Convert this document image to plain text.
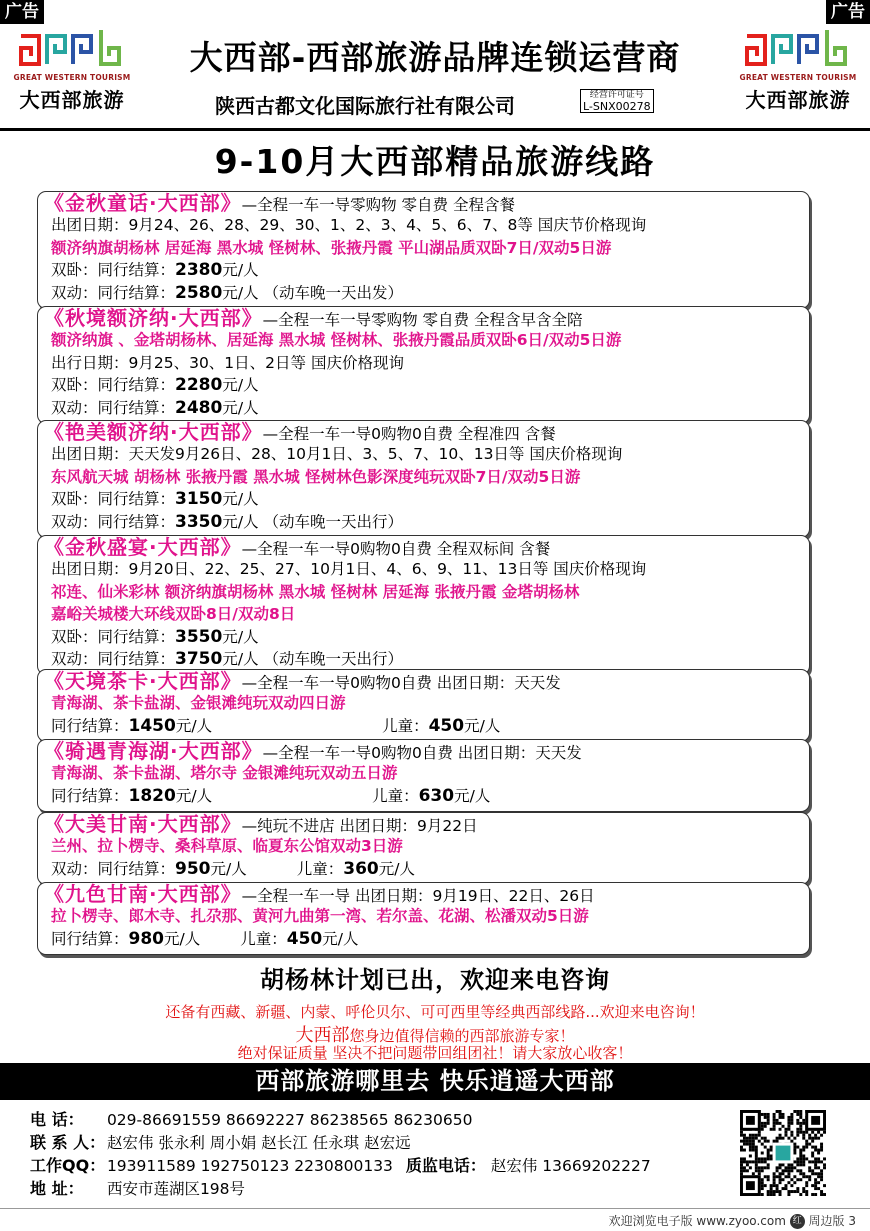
GREAT WESTERN TOURISM
大西部旅游
大西部-西部旅游品牌连锁运营商
陕西古都文化国际旅行社有限公司	经营许可证号
L-SNX00278
GREAT WESTERN TOURISM
大西部旅游
广告	广告
9-10月大西部精品旅游线路
《金秋童话·大西部》—全程一车一导零购物 零自费 全程含餐
出团日期：9月24、26、28、29、30、1、2、3、4、5、6、7、8等 国庆节价格现询
额济纳旗胡杨林 居延海 黑水城 怪树林、张掖丹霞 平山湖品质双卧7日/双动5日游
双卧：同行结算：2380元/人
双动：同行结算：2580元/人 （动车晚一天出发）
《秋境额济纳·大西部》—全程一车一导零购物 零自费 全程含早含全陪
额济纳旗 、金塔胡杨林、居延海 黑水城 怪树林、张掖丹霞品质双卧6日/双动5日游
出行日期：9月25、30、1日、2日等 国庆价格现询
双卧：同行结算：2280元/人
双动：同行结算：2480元/人
《艳美额济纳·大西部》—全程一车一导0购物0自费 全程准四 含餐
出团日期：天天发9月26日、28、10月1日、3、5、7、10、13日等 国庆价格现询
东风航天城 胡杨林 张掖丹霞 黑水城 怪树林色影深度纯玩双卧7日/双动5日游
双卧：同行结算：3150元/人
双动：同行结算：3350元/人 （动车晚一天出行）
《金秋盛宴·大西部》—全程一车一导0购物0自费 全程双标间 含餐
出团日期：9月20日、22、25、27、10月1日、4、6、9、11、13日等 国庆价格现询
祁连、仙米彩林 额济纳旗胡杨林 黑水城 怪树林 居延海 张掖丹霞 金塔胡杨林
嘉峪关城楼大环线双卧8日/双动8日
双卧：同行结算：3550元/人
双动：同行结算：3750元/人 （动车晚一天出行）
《天境茶卡·大西部》—全程一车一导0购物0自费 出团日期：天天发
青海湖、茶卡盐湖、金银滩纯玩双动四日游
同行结算：1450元/人	儿童：450元/人
《骑遇青海湖·大西部》—全程一车一导0购物0自费 出团日期：天天发
青海湖、茶卡盐湖、塔尔寺 金银滩纯玩双动五日游
同行结算：1820元/人	儿童：630元/人
《大美甘南·大西部》—纯玩不进店 出团日期：9月22日
兰州、拉卜楞寺、桑科草原、临夏东公馆双动3日游
双动：同行结算：950元/人	儿童：360元/人
《九色甘南·大西部》—全程一车一导 出团日期：9月19日、22日、26日
拉卜楞寺、郎木寺、扎尕那、黄河九曲第一湾、若尔盖、花湖、松潘双动5日游
同行结算：980元/人	儿童：450元/人
胡杨林计划已出，欢迎来电咨询
还备有西藏、新疆、内蒙、呼伦贝尔、可可西里等经典西部线路...欢迎来电咨询！
大西部您身边值得信赖的西部旅游专家！
绝对保证质量 坚决不把问题带回组团社！请大家放心收客！
西部旅游哪里去 快乐逍遥大西部
电 话： 029-86691559 86692227 86238565 86230650
联 系 人： 赵宏伟 张永利 周小娟 赵长江 任永琪 赵宏远
工作QQ： 193911589 192750123 2230800133 质监电话： 赵宏伟 13669202227
地 址： 西安市莲湖区198号
欢迎浏览电子版 www.zyoo.com 红 周边版 3
